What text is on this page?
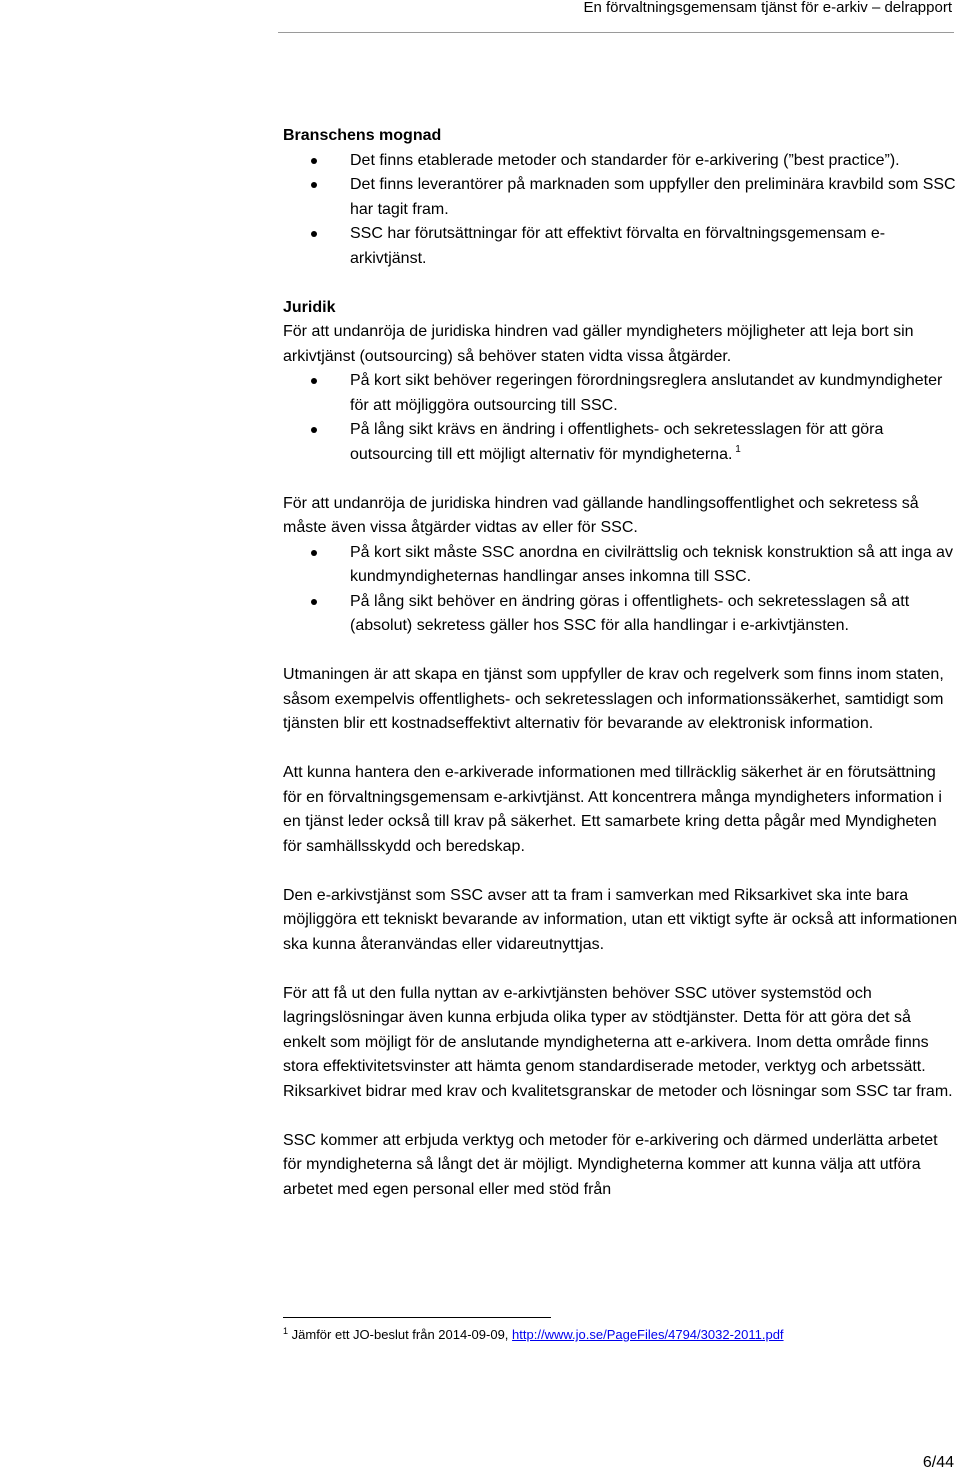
En förvaltningsgemensam tjänst för e-arkiv – delrapport
Branschens mognad
Det finns etablerade metoder och standarder för e-arkivering (”best practice”).
Det finns leverantörer på marknaden som uppfyller den preliminära kravbild som SSC har tagit fram.
SSC har förutsättningar för att effektivt förvalta en förvaltningsgemensam e-arkivtjänst.
Juridik

För att undanröja de juridiska hindren vad gäller myndigheters möjligheter att leja bort sin arkivtjänst (outsourcing) så behöver staten vidta vissa åtgärder.

På kort sikt behöver regeringen förordningsreglera anslutandet av kundmyndigheter för att möjliggöra outsourcing till SSC.
På lång sikt krävs en ändring i offentlighets- och sekretesslagen för att göra outsourcing till ett möjligt alternativ för myndigheterna. $^1$

För att undanröja de juridiska hindren vad gällande handlingsoffentlighet och sekretess så måste även vissa åtgärder vidtas av eller för SSC.

På kort sikt måste SSC anordna en civilrättslig och teknisk konstruktion så att inga av kundmyndigheternas handlingar anses inkomna till SSC.
På lång sikt behöver en ändring göras i offentlighets- och sekretesslagen så att (absolut) sekretess gäller hos SSC för alla handlingar i e-arkivtjänsten.

Utmaningen är att skapa en tjänst som uppfyller de krav och regelverk som finns inom staten, såsom exempelvis offentlighets- och sekretesslagen och informationssäkerhet, samtidigt som tjänsten blir ett kostnadseffektivt alternativ för bevarande av elektronisk information.

Att kunna hantera den e-arkiverade informationen med tillräcklig säkerhet är en förutsättning för en förvaltningsgemensam e-arkivtjänst. Att koncentrera många myndigheters information i en tjänst leder också till krav på säkerhet. Ett samarbete kring detta pågår med Myndigheten för samhällsskydd och beredskap.

Den e-arkivstjänst som SSC avser att ta fram i samverkan med Riksarkivet ska inte bara möjliggöra ett tekniskt bevarande av information, utan ett viktigt syfte är också att informationen ska kunna återanvändas eller vidareutnyttjas.

För att få ut den fulla nyttan av e-arkivtjänsten behöver SSC utöver systemstöd och lagringslösningar även kunna erbjuda olika typer av stödtjänster. Detta för att göra det så enkelt som möjligt för de anslutande myndigheterna att e-arkivera. Inom detta område finns stora effektivitetsvinster att hämta genom standardiserade metoder, verktyg och arbetssätt. Riksarkivet bidrar med krav och kvalitetsgranskar de metoder och lösningar som SSC tar fram.

SSC kommer att erbjuda verktyg och metoder för e-arkivering och därmed underlätta arbetet för myndigheterna så långt det är möjligt. Myndigheterna kommer att kunna välja att utföra arbetet med egen personal eller med stöd från

$^1$ Jämför ett JO-beslut från 2014-09-09, http://www.jo.se/PageFiles/4794/3032-2011.pdf
6/44
